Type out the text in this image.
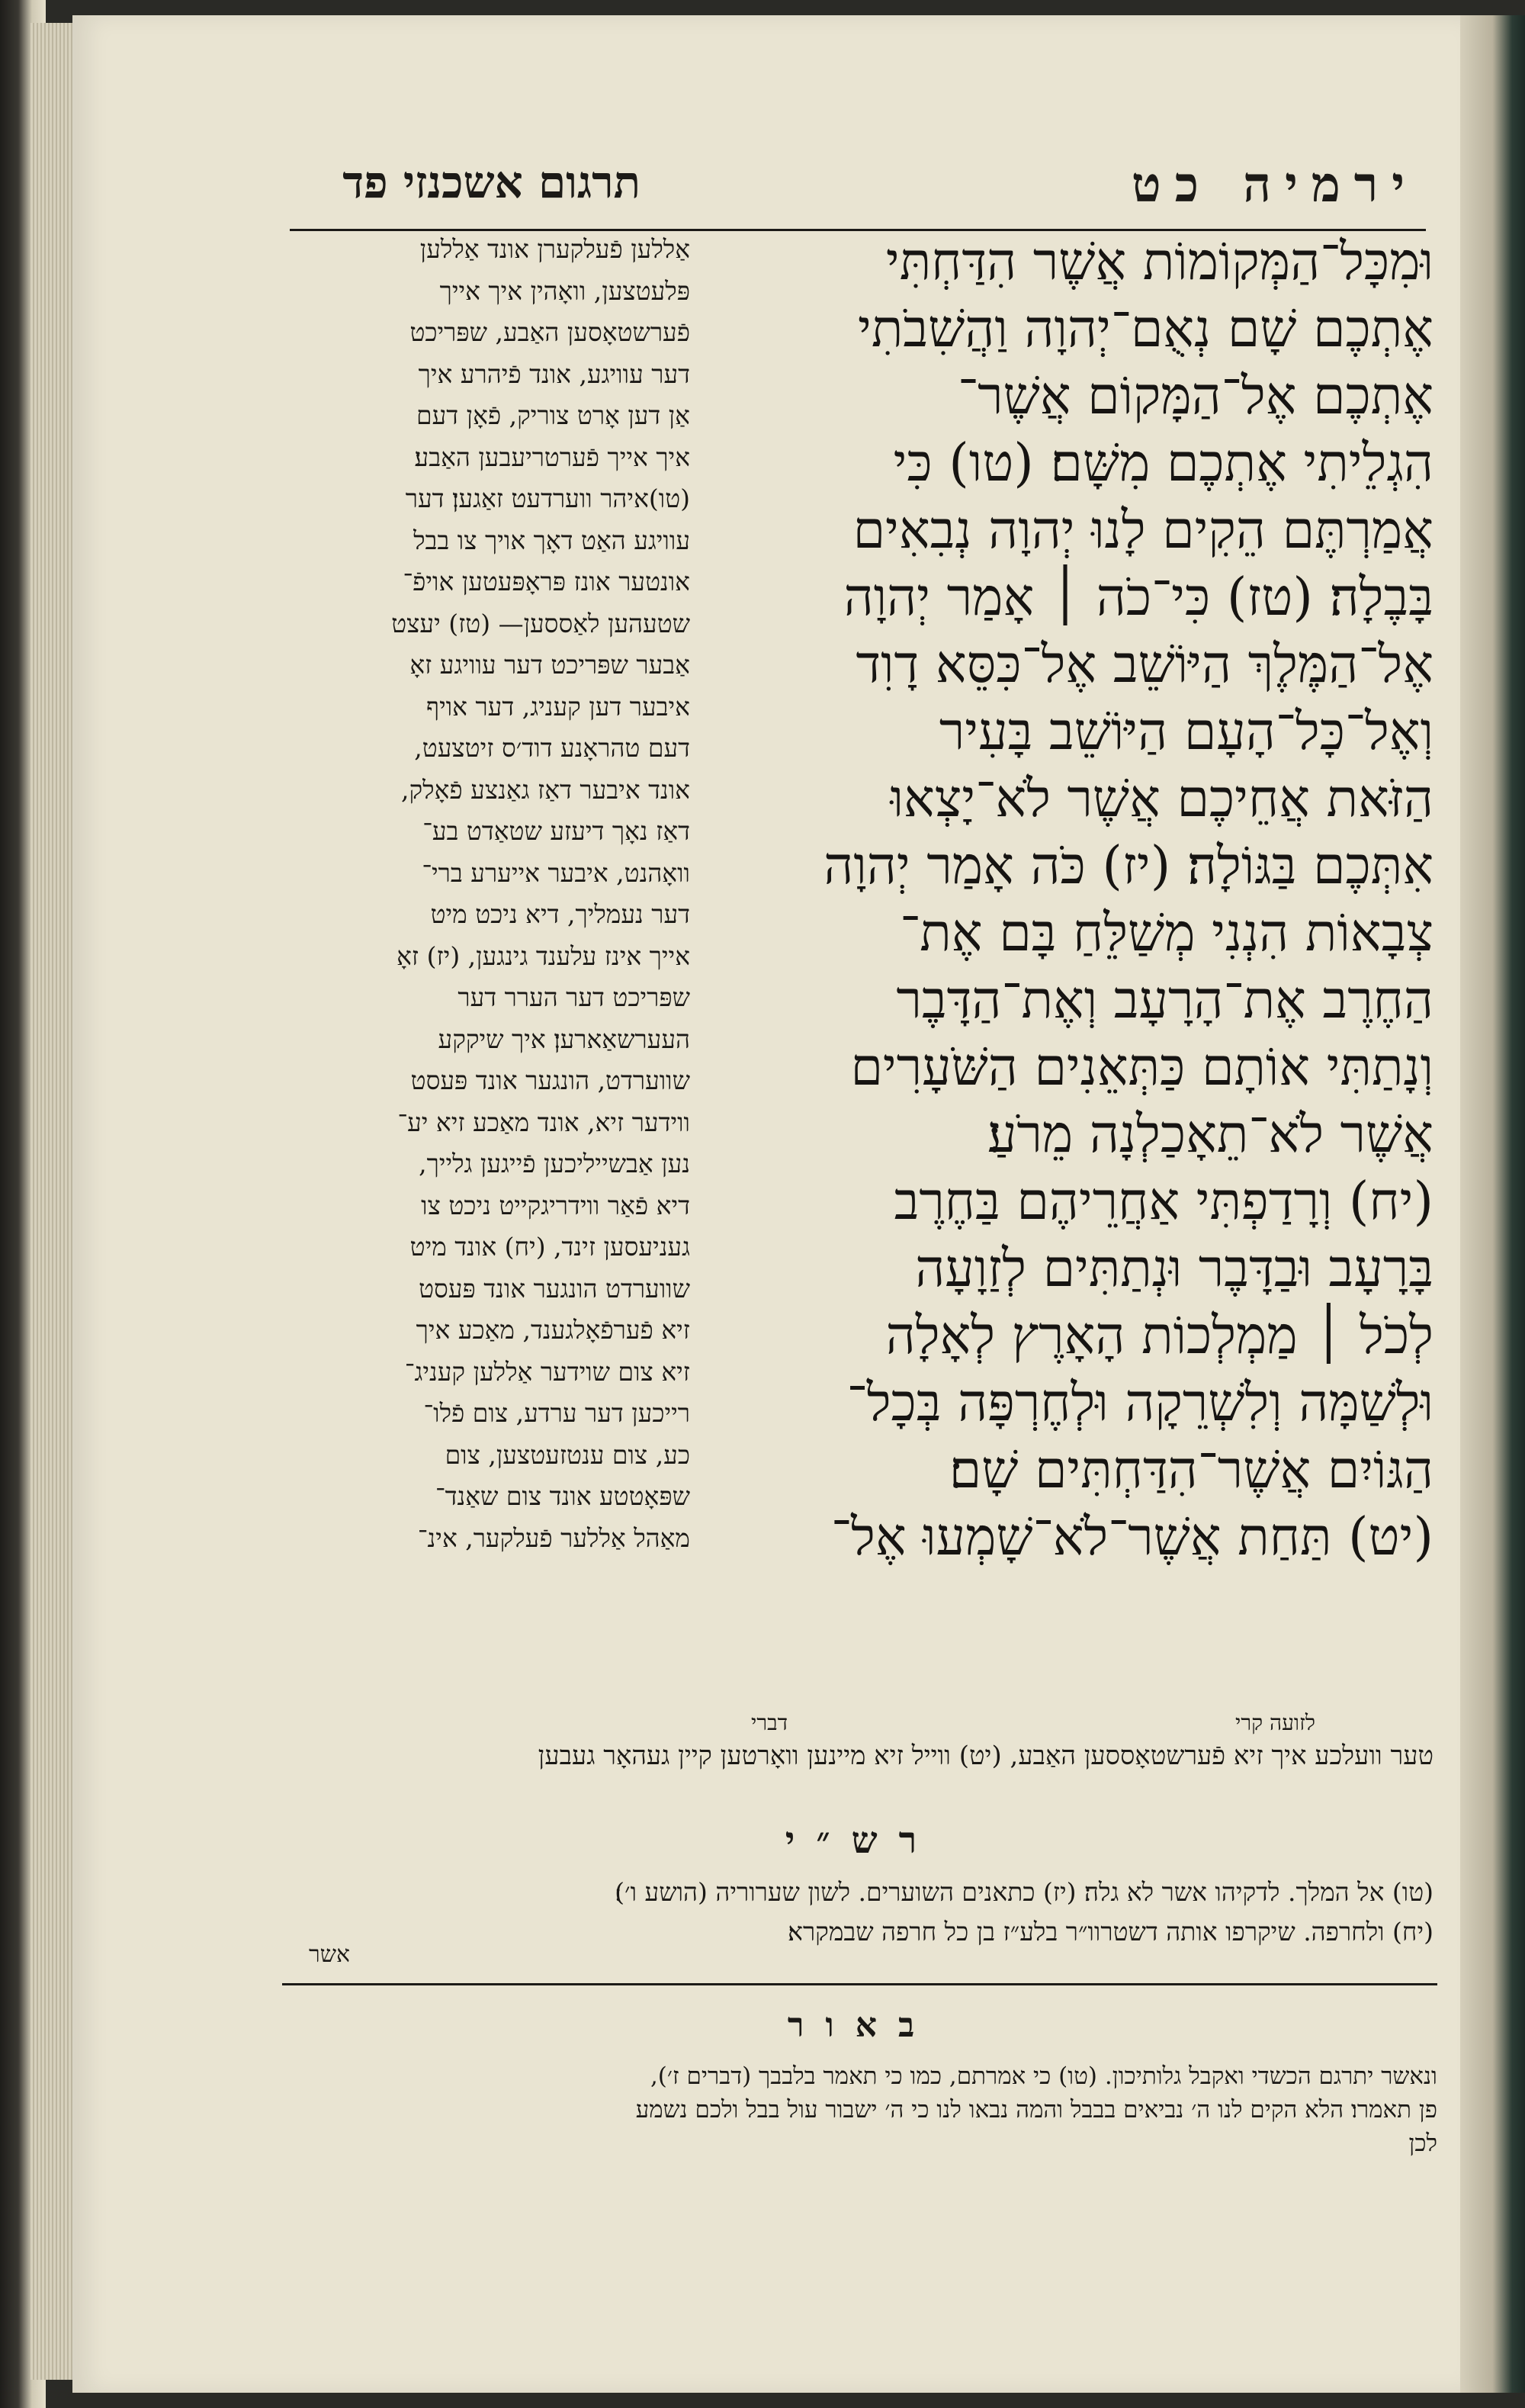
ירמיה כט
תרגום אשכנזי פד
וּמִכָּל־הַמְּקוֹמוֹת אֲשֶׁר הִדַּחְתִּי
אֶתְכֶם שָׁם נְאֻם־יְהוָה וַהֲשִׁבֹתִי
אֶתְכֶם אֶל־הַמָּקוֹם אֲשֶׁר־
הִגְלֵיתִי אֶתְכֶם מִשָּׁם׃ (טו) כִּי
אֲמַרְתֶּם הֵקִים לָנוּ יְהוָה נְבִאִים
בָּבֶלָה׃ (טז) כִּי־כֹה ׀ אָמַר יְהוָה
אֶל־הַמֶּלֶךְ הַיּוֹשֵׁב אֶל־כִּסֵּא דָוִד
וְאֶל־כָּל־הָעָם הַיּוֹשֵׁב בָּעִיר
הַזֹּאת אֲחֵיכֶם אֲשֶׁר לֹא־יָצְאוּ
אִתְּכֶם בַּגּוֹלָה׃ (יז) כֹּה אָמַר יְהוָה
צְבָאוֹת הִנְנִי מְשַׁלֵּחַ בָּם אֶת־
הַחֶרֶב אֶת־הָרָעָב וְאֶת־הַדָּבֶר
וְנָתַתִּי אוֹתָם כַּתְּאֵנִים הַשֹּׁעָרִים
אֲשֶׁר לֹא־תֵאָכַלְנָה מֵרֹעַ׃
(יח) וְרָדַפְתִּי אַחֲרֵיהֶם בַּחֶרֶב
בָּרָעָב וּבַדָּבֶר וּנְתַתִּים לְזַוָעָה
לְכֹל ׀ מַמְלְכוֹת הָאָרֶץ לְאָלָה
וּלְשַׁמָּה וְלִשְׁרֵקָה וּלְחֶרְפָּה בְּכָל־
הַגּוֹיִם אֲשֶׁר־הִדַּחְתִּים שָׁם׃
(יט) תַּחַת אֲשֶׁר־לֹא־שָׁמְעוּ אֶל־
אַללען פֿעלקערן אונד אַללען
פּלעטצען, וואָהין איך אייך
פֿערשטאָסען האַבע, שפּריכט
דער עוויגע, אונד פֿיהרע איך
אַן דען אָרט צוריק, פֿאָן דעם
איך אייך פֿערטריעבען האַבע׃
(טו)איהר ווערדעט זאַגען׃ דער
עוויגע האַט דאָך אויך צו בבל
אונטער אונז פּראָפּעטען אויפֿ־
שטעהען לאַססען— (טז) יעצט
אַבער שפּריכט דער עוויגע זאָ
איבער דען קעניג, דער אויף
דעם טהראָנע דוד׳ס זיטצעט,
אונד איבער דאַז גאַנצע פֿאָלק,
דאַז נאָך דיעזע שטאַדט בע־
וואָהנט, איבער אייערע ברי־
דער נעמליך, דיא ניכט מיט
אייך אינז עלענד גינגען, (יז) זאָ
שפּריכט דער הערר דער
העערשאַארען׃ איך שיקקע
שווערדט, הונגער אונד פּעסט
ווידער זיא, אונד מאַכע זיא יע־
נען אַבשייליכען פֿייגען גלייך,
דיא פֿאַר ווידריגקייט ניכט צו
געניעסען זינד, (יח) אונד מיט
שווערדט הונגער אונד פּעסט
זיא פֿערפֿאָלגענד, מאַכע איך
זיא צום שוידער אַללען קעניג־
רייכען דער ערדע, צום פֿלו־
כע, צום ענטזעטצען, צום
שפּאָטטע אונד צום שאַנד־
מאַהל אַללער פֿעלקער, אינ־
לזועה קרי
דברי
טער וועלכע איך זיא פֿערשטאָססען האַבע, (יט) ווייל זיא מיינען וואָרטען קיין געהאָר געבען
רש״י
(טו) אל המלך. לדקיהו אשר לא גלה׃ (יז) כתאנים השוערים. לשון שערוריה (הושע ו׳)׃
(יח) ולחרפה. שיקרפו אותה דשטרוו״ר בלע״ז בן כל חרפה שבמקרא׃
אשר
באור
ונאשר יתרגם הכשדי ואקבל גלותיכון. (טו) כי אמרתם, כמו כי תאמר בלבבך (דברים ז׳),
פן תאמרו׃ הלא הקים לנו ה׳ נביאים בבבל והמה נבאו לנו כי ה׳ ישבור עול בבל ולכם נשמע
לכן
